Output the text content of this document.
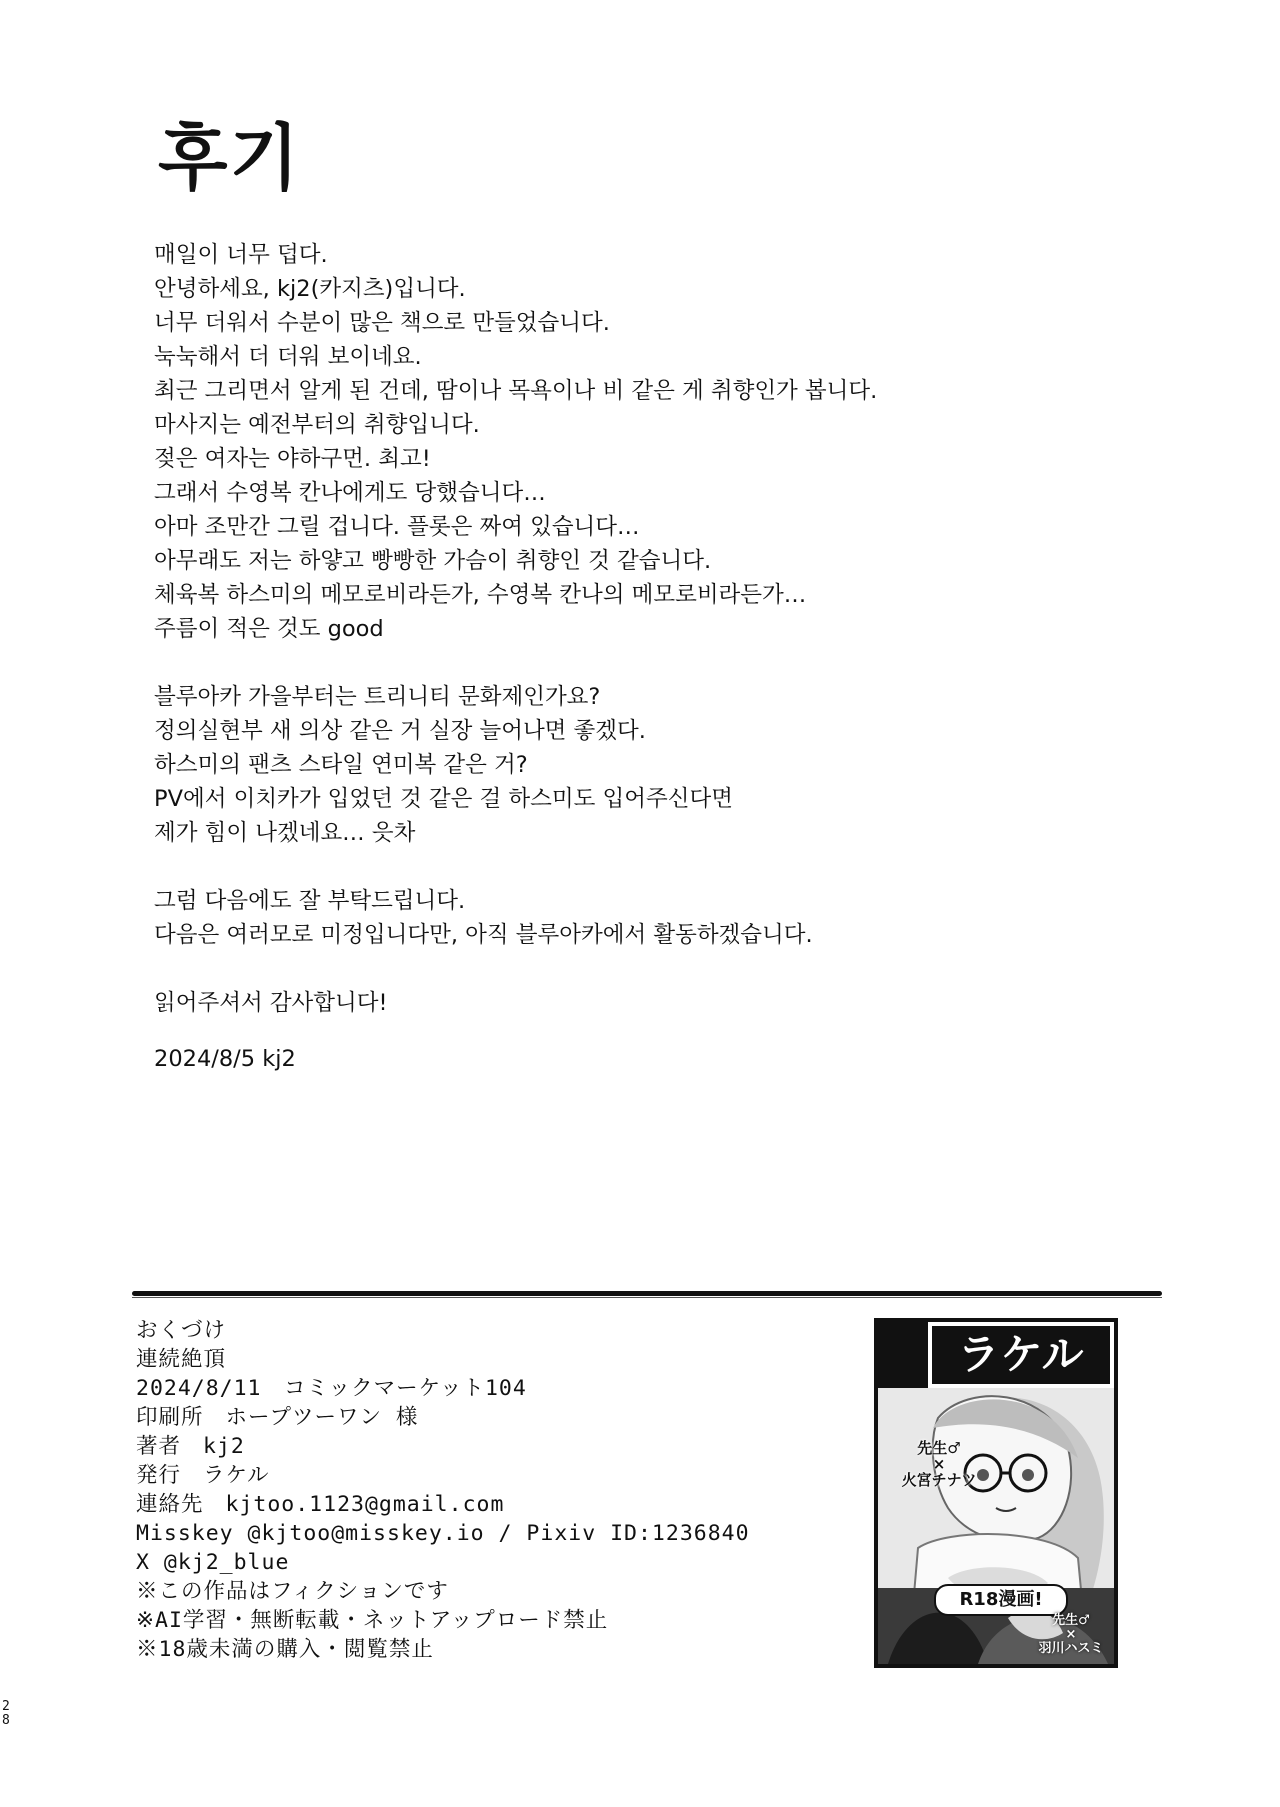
후기
매일이 너무 덥다.
안녕하세요, kj2(카지츠)입니다.
너무 더워서 수분이 많은 책으로 만들었습니다.
눅눅해서 더 더워 보이네요.
최근 그리면서 알게 된 건데, 땀이나 목욕이나 비 같은 게 취향인가 봅니다.
마사지는 예전부터의 취향입니다.
젖은 여자는 야하구먼. 최고!
그래서 수영복 칸나에게도 당했습니다…
아마 조만간 그릴 겁니다. 플롯은 짜여 있습니다…
아무래도 저는 하얗고 빵빵한 가슴이 취향인 것 같습니다.
체육복 하스미의 메모로비라든가, 수영복 칸나의 메모로비라든가…
주름이 적은 것도 good
블루아카 가을부터는 트리니티 문화제인가요?
정의실현부 새 의상 같은 거 실장 늘어나면 좋겠다.
하스미의 팬츠 스타일 연미복 같은 거?
PV에서 이치카가 입었던 것 같은 걸 하스미도 입어주신다면
제가 힘이 나겠네요… 읏차
그럼 다음에도 잘 부탁드립니다.
다음은 여러모로 미정입니다만, 아직 블루아카에서 활동하겠습니다.
읽어주셔서 감사합니다!
2024/8/5 kj2
おくづけ
連続絶頂
2024/8/11　コミックマーケット104
印刷所 ホープツーワン 様
著者 kj2
発行 ラケル
連絡先 kjtoo.1123@gmail.com
Misskey @kjtoo@misskey.io / Pixiv ID:1236840
X @kj2_blue
※この作品はフィクションです
※AI学習・無断転載・ネットアップロード禁止
※18歳未満の購入・閲覧禁止
2
8
ラケル
先生♂
×
火宮チナツ
R18漫画!
先生♂
×
羽川ハスミ
